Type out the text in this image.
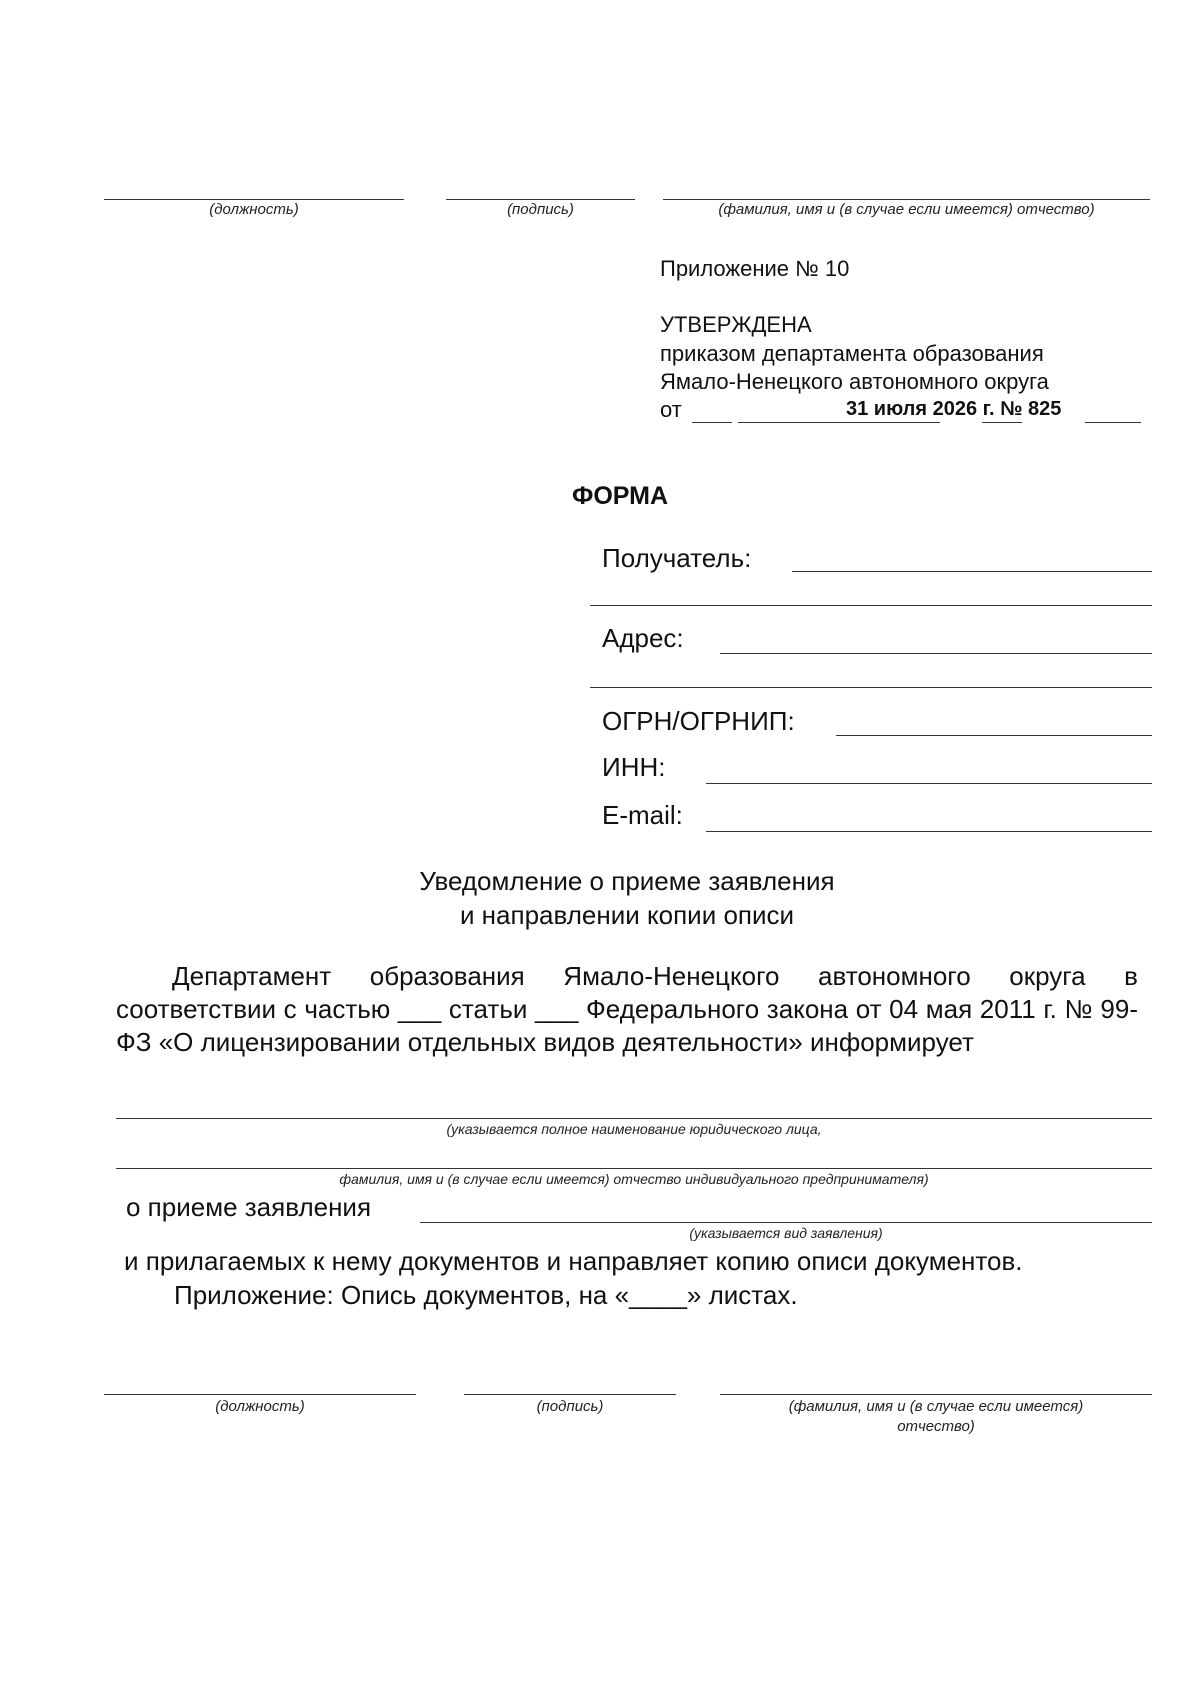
(должность)	(подпись)	(фамилия, имя и (в случае если имеется) отчество)
Приложение № 10
УТВЕРЖДЕНА
приказом департамента образования
Ямало-Ненецкого автономного округа
от	31 июля 2026 г. № 825
ФОРМА
Получатель:
Адрес:
ОГРН/ОГРНИП:
ИНН:
E-mail:
Уведомление о приеме заявления
и направлении копии описи
Департамент образования Ямало-Ненецкого автономного округа в соответствии с частью ___ статьи ___ Федерального закона от 04 мая 2011 г. № 99-ФЗ «О лицензировании отдельных видов деятельности» информирует
(указывается полное наименование юридического лица,
фамилия, имя и (в случае если имеется) отчество индивидуального предпринимателя)
о приеме заявления
(указывается вид заявления)
и прилагаемых к нему документов и направляет копию описи документов.
Приложение: Опись документов, на «____» листах.
(должность)	(подпись)	(фамилия, имя и (в случае если имеется)
отчество)
